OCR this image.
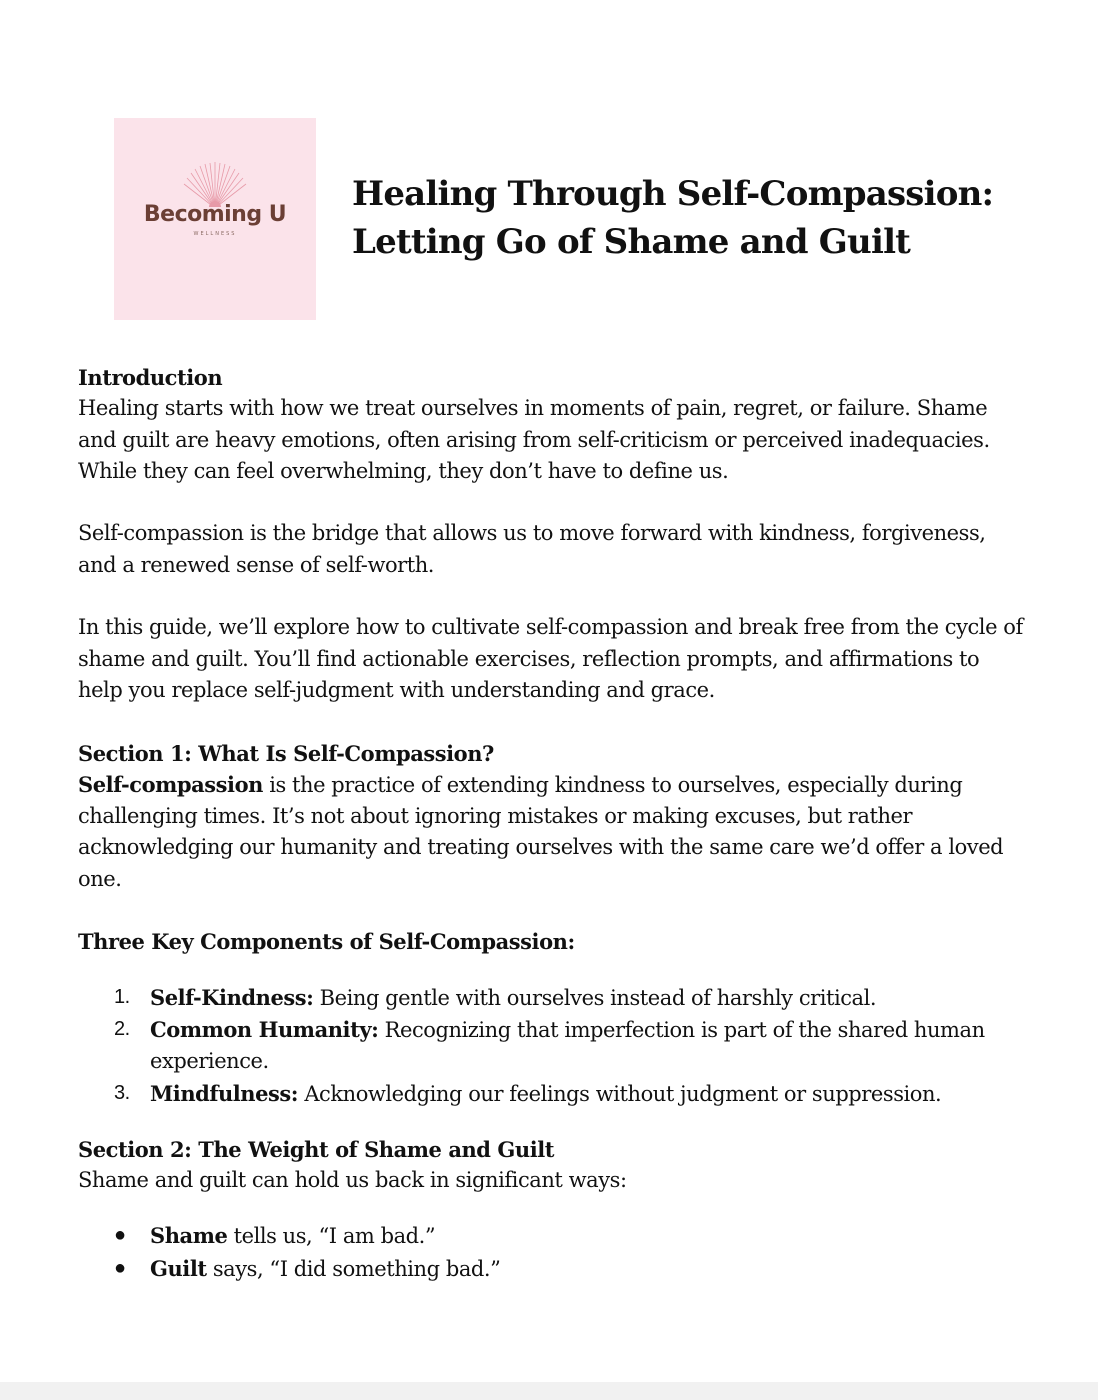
Becoming U
WELLNESS
Healing Through Self-Compassion:
Letting Go of Shame and Guilt

Introduction

Healing starts with how we treat ourselves in moments of pain, regret, or failure. Shame and guilt are heavy emotions, often arising from self-criticism or perceived inadequacies. While they can feel overwhelming, they don’t have to define us.

Self-compassion is the bridge that allows us to move forward with kindness, forgiveness, and a renewed sense of self-worth.

In this guide, we’ll explore how to cultivate self-compassion and break free from the cycle of shame and guilt. You’ll find actionable exercises, reflection prompts, and affirmations to help you replace self-judgment with understanding and grace.

Section 1: What Is Self-Compassion?

Self-compassion is the practice of extending kindness to ourselves, especially during challenging times. It’s not about ignoring mistakes or making excuses, but rather acknowledging our humanity and treating ourselves with the same care we’d offer a loved one.

Three Key Components of Self-Compassion:

1. Self-Kindness: Being gentle with ourselves instead of harshly critical.
2. Common Humanity: Recognizing that imperfection is part of the shared human experience.
3. Mindfulness: Acknowledging our feelings without judgment or suppression.

Section 2: The Weight of Shame and Guilt

Shame and guilt can hold us back in significant ways:

●	Shame tells us, “I am bad.”
●	Guilt says, “I did something bad.”
